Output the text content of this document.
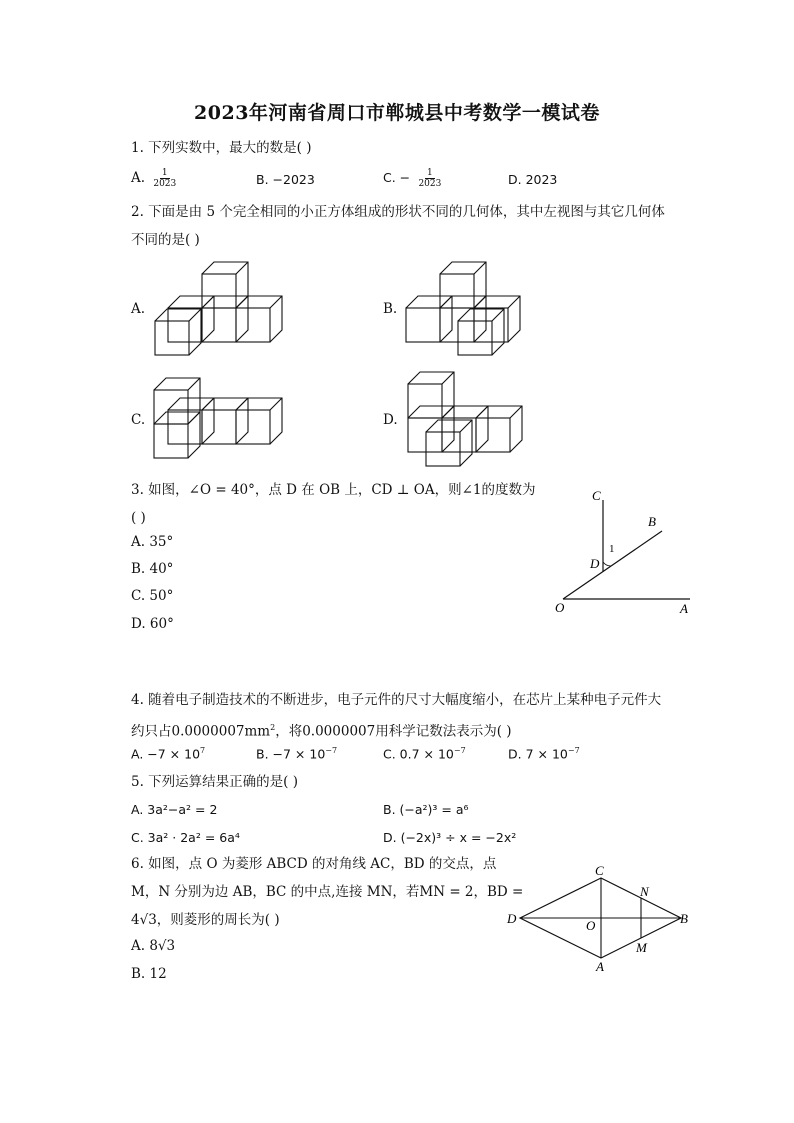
2023年河南省周口市郸城县中考数学一模试卷
1. 下列实数中，最大的数是( )
A. $\frac{1}{2023}$	B. −2023	C. − $\frac{1}{2023}$	D. 2023
2. 下面是由 5 个完全相同的小正方体组成的形状不同的几何体，其中左视图与其它几何体
不同的是( )
A.	B.
C.	D.
3. 如图，∠O = 40°，点 D 在 OB 上，CD ⊥ OA，则∠1的度数为
( )
A. 35°
B. 40°
C. 50°
D. 60°
C
B
D
1
O	A
4. 随着电子制造技术的不断进步，电子元件的尺寸大幅度缩小，在芯片上某种电子元件大
约只占$0.0000007mm^2$，将0.0000007用科学记数法表示为( )
A. $-7 \times 10^7$	B. $-7 \times 10^{-7}$	C. $0.7 \times 10^{-7}$	D. $7 \times 10^{-7}$
5. 下列运算结果正确的是( )
A. 3a²−a² = 2	B. (−a²)³ = a⁶
C. 3a² · 2a² = 6a⁴	D. (−2x)³ ÷ x = −2x²
6. 如图，点 O 为菱形 ABCD 的对角线 AC，BD 的交点，点
M，N 分别为边 AB，BC 的中点,连接 MN，若MN = 2，BD =
4√3，则菱形的周长为( )
A. 8√3
B. 12
C
N
D	O	B
M
A
